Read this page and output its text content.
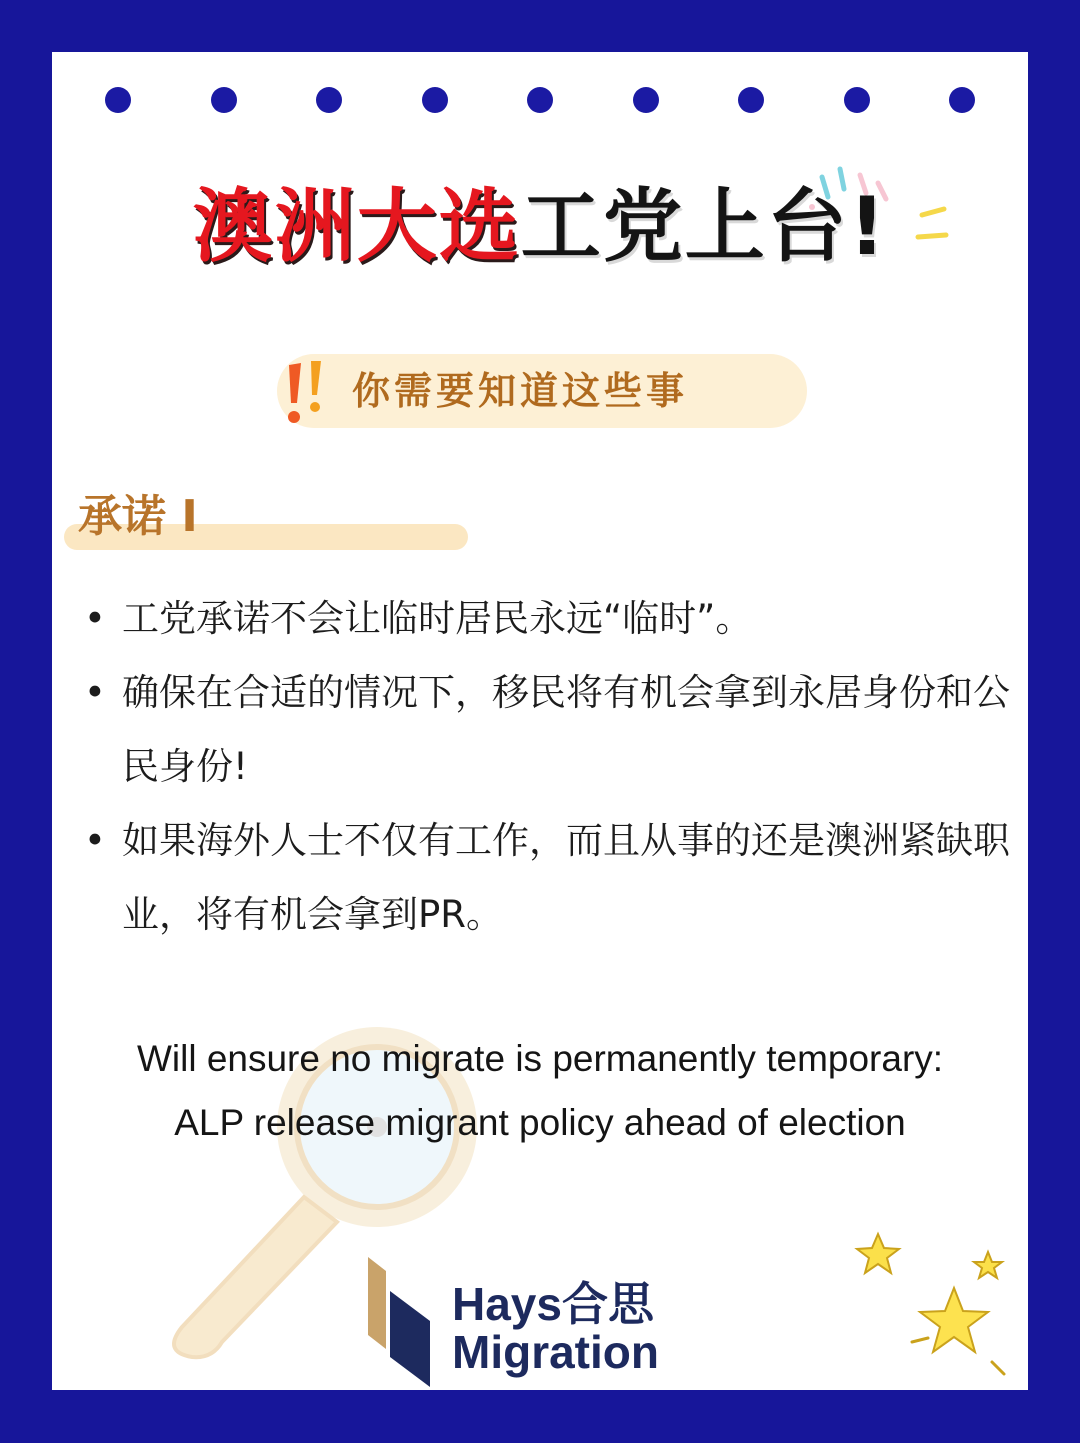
澳洲大选工党上台!
你需要知道这些事
承诺 I
• 工党承诺不会让临时居民永远“临时”。
• 确保在合适的情况下，移民将有机会拿到永居身份和公民身份!
• 如果海外人士不仅有工作，而且从事的还是澳洲紧缺职业，将有机会拿到PR。
Will ensure no migrate is permanently temporary:
ALP release migrant policy ahead of election
Hays合思
Migration
